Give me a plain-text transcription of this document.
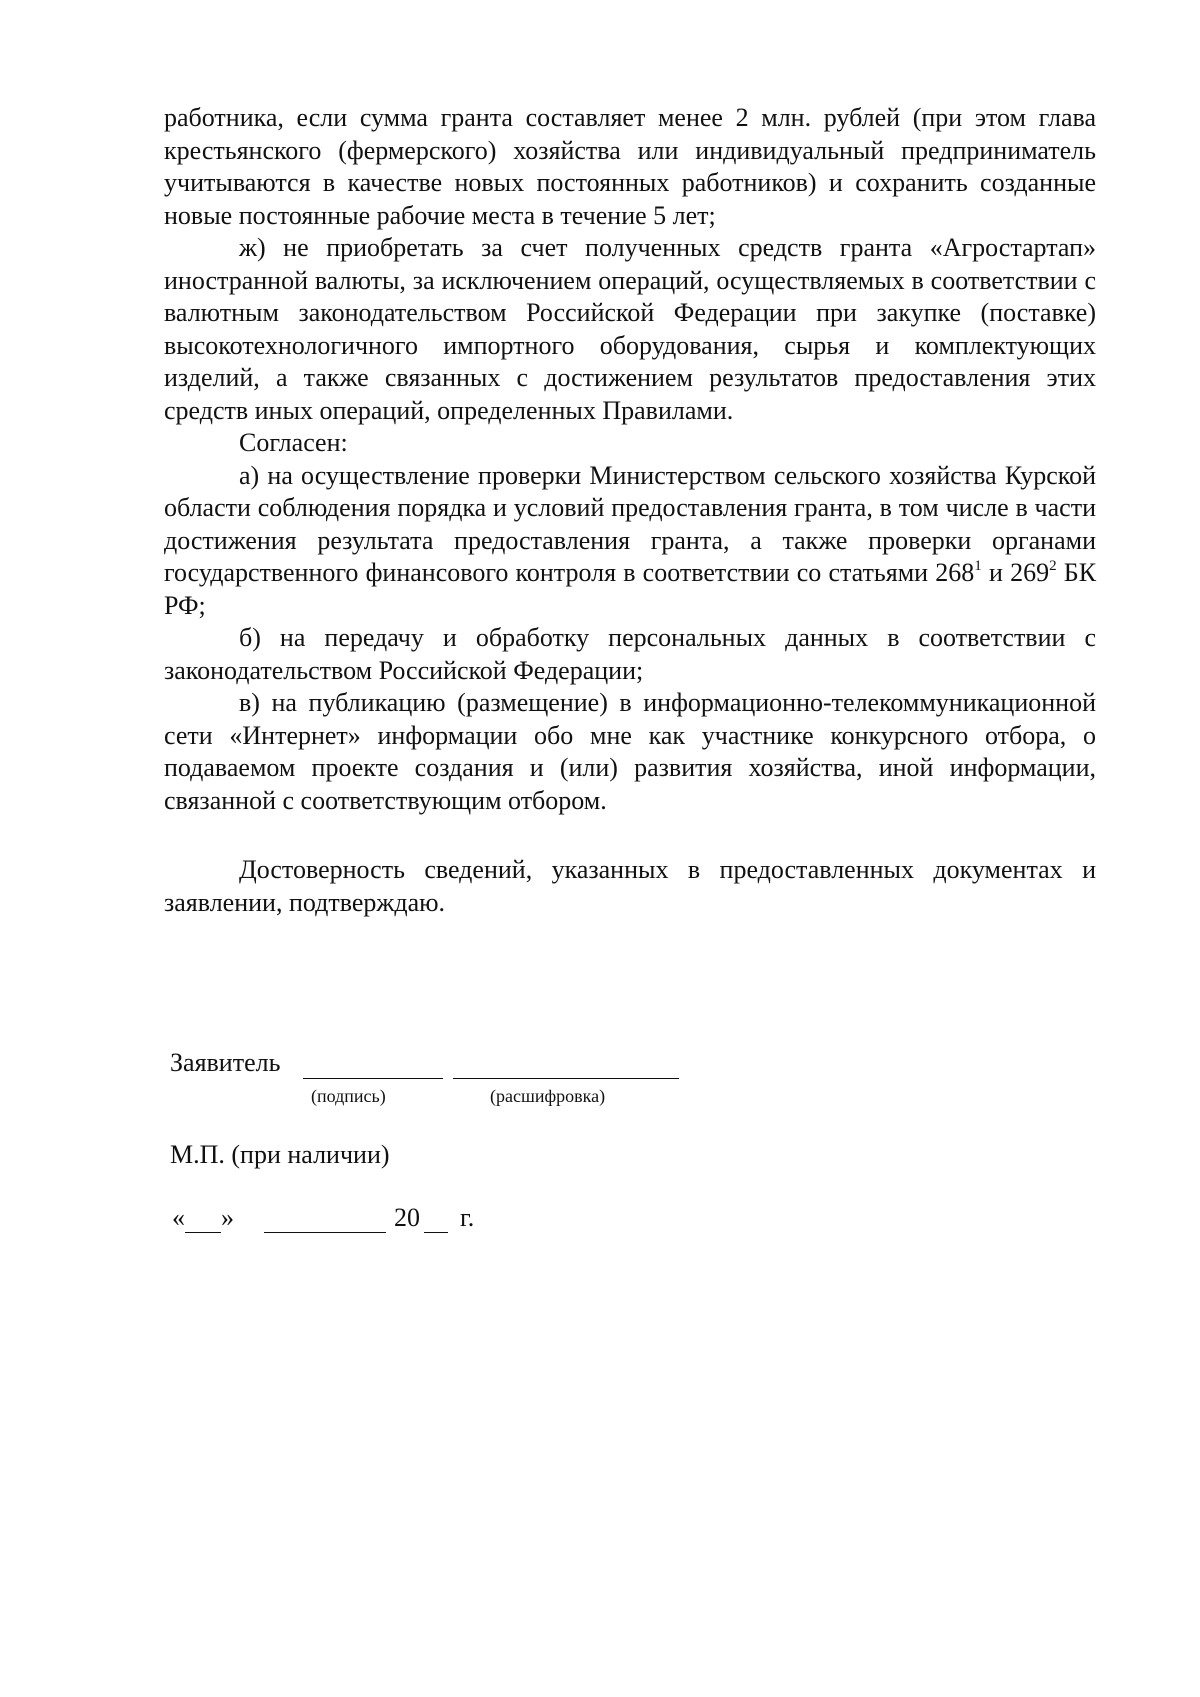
работника, если сумма гранта составляет менее 2 млн. рублей (при этом глава крестьянского (фермерского) хозяйства или индивидуальный предприниматель учитываются в качестве новых постоянных работников) и сохранить созданные новые постоянные рабочие места в течение 5 лет;

ж) не приобретать за счет полученных средств гранта «Агростартап» иностранной валюты, за исключением операций, осуществляемых в соответствии с валютным законодательством Российской Федерации при закупке (поставке) высокотехнологичного импортного оборудования, сырья и комплектующих изделий, а также связанных с достижением результатов предоставления этих средств иных операций, определенных Правилами.

Согласен:

а) на осуществление проверки Министерством сельского хозяйства Курской области соблюдения порядка и условий предоставления гранта, в том числе в части достижения результата предоставления гранта, а также проверки органами государственного финансового контроля в соответствии со статьями $268^1$ и $269^2$ БК РФ;

б) на передачу и обработку персональных данных в соответствии с законодательством Российской Федерации;

в) на публикацию (размещение) в информационно-телекоммуникационной сети «Интернет» информации обо мне как участнике конкурсного отбора, о подаваемом проекте создания и (или) развития хозяйства, иной информации, связанной с соответствующим отбором.

Достоверность сведений, указанных в предоставленных документах и заявлении, подтверждаю.

Заявитель
(подпись)	(расшифровка)
М.П. (при наличии)
« »	20 г.
